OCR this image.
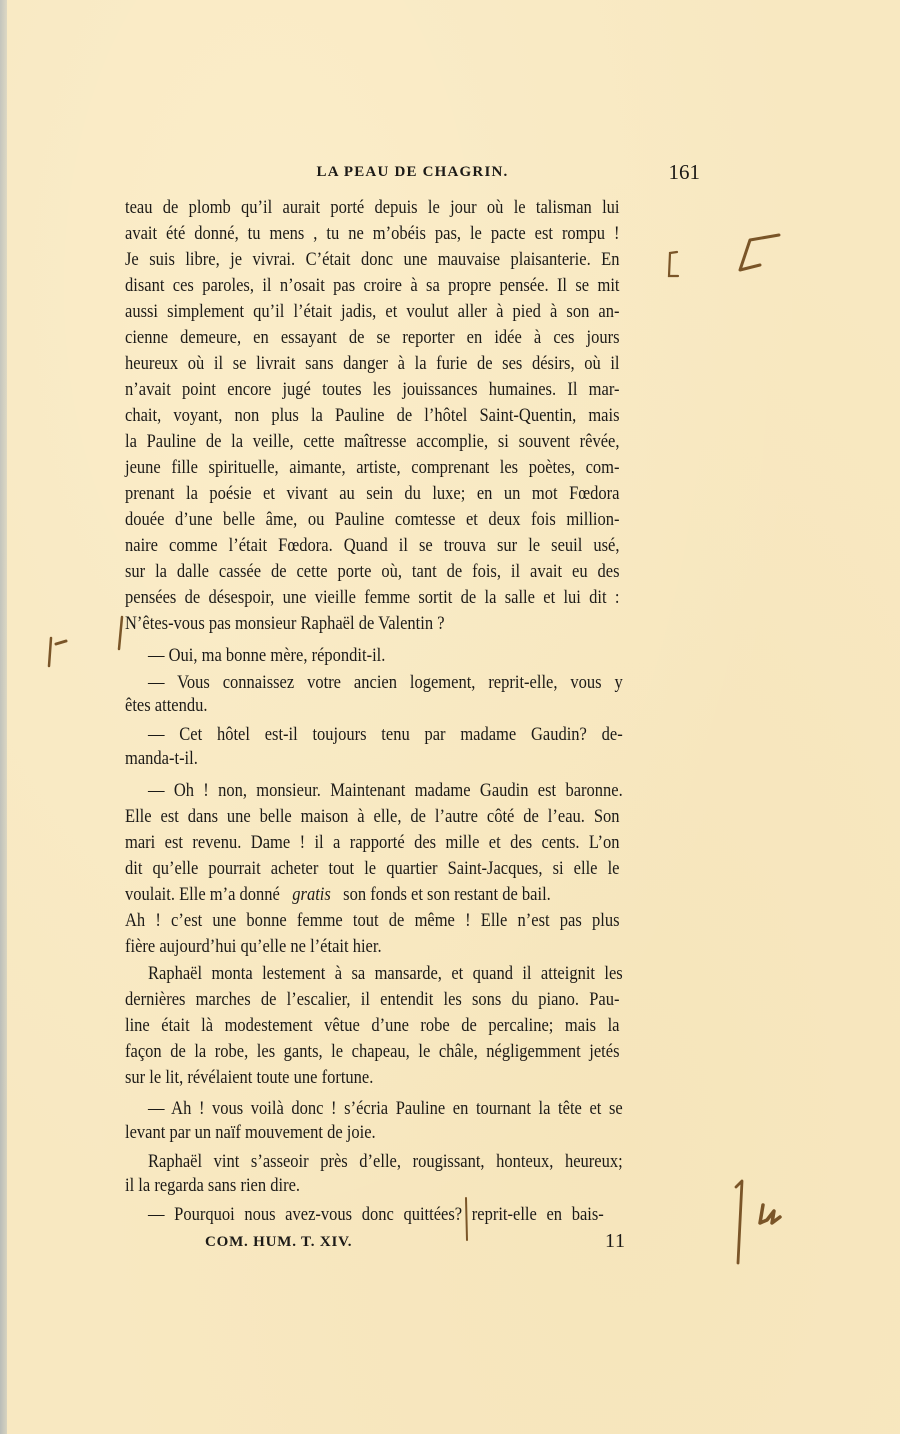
LA PEAU DE CHAGRIN.	161
teau de plomb qu’il aurait porté depuis le jour où le talisman lui
avait été donné, tu mens , tu ne m’obéis pas, le pacte est rompu !
Je suis libre, je vivrai. C’était donc une mauvaise plaisanterie. En
disant ces paroles, il n’osait pas croire à sa propre pensée. Il se mit
aussi simplement qu’il l’était jadis, et voulut aller à pied à son an-
cienne demeure, en essayant de se reporter en idée à ces jours
heureux où il se livrait sans danger à la furie de ses désirs, où il
n’avait point encore jugé toutes les jouissances humaines. Il mar-
chait, voyant, non plus la Pauline de l’hôtel Saint-Quentin, mais
la Pauline de la veille, cette maîtresse accomplie, si souvent rêvée,
jeune fille spirituelle, aimante, artiste, comprenant les poètes, com-
prenant la poésie et vivant au sein du luxe; en un mot Fœdora
douée d’une belle âme, ou Pauline comtesse et deux fois million-
naire comme l’était Fœdora. Quand il se trouva sur le seuil usé,
sur la dalle cassée de cette porte où, tant de fois, il avait eu des
pensées de désespoir, une vieille femme sortit de la salle et lui dit :
N’êtes-vous pas monsieur Raphaël de Valentin ?
— Oui, ma bonne mère, répondit-il.
— Vous connaissez votre ancien logement, reprit-elle, vous y
êtes attendu.
— Cet hôtel est-il toujours tenu par madame Gaudin? de-
manda-t-il.
— Oh ! non, monsieur. Maintenant madame Gaudin est baronne.
Elle est dans une belle maison à elle, de l’autre côté de l’eau. Son
mari est revenu. Dame ! il a rapporté des mille et des cents. L’on
dit qu’elle pourrait acheter tout le quartier Saint-Jacques, si elle le
voulait. Elle m’a donné gratis son fonds et son restant de bail.
Ah ! c’est une bonne femme tout de même ! Elle n’est pas plus
fière aujourd’hui qu’elle ne l’était hier.
Raphaël monta lestement à sa mansarde, et quand il atteignit les
dernières marches de l’escalier, il entendit les sons du piano. Pau-
line était là modestement vêtue d’une robe de percaline; mais la
façon de la robe, les gants, le chapeau, le châle, négligemment jetés
sur le lit, révélaient toute une fortune.
— Ah ! vous voilà donc ! s’écria Pauline en tournant la tête et se
levant par un naïf mouvement de joie.
Raphaël vint s’asseoir près d’elle, rougissant, honteux, heureux;
il la regarda sans rien dire.
— Pourquoi nous avez-vous donc quittées? reprit-elle en bais-
COM. HUM. T. XIV.	11
